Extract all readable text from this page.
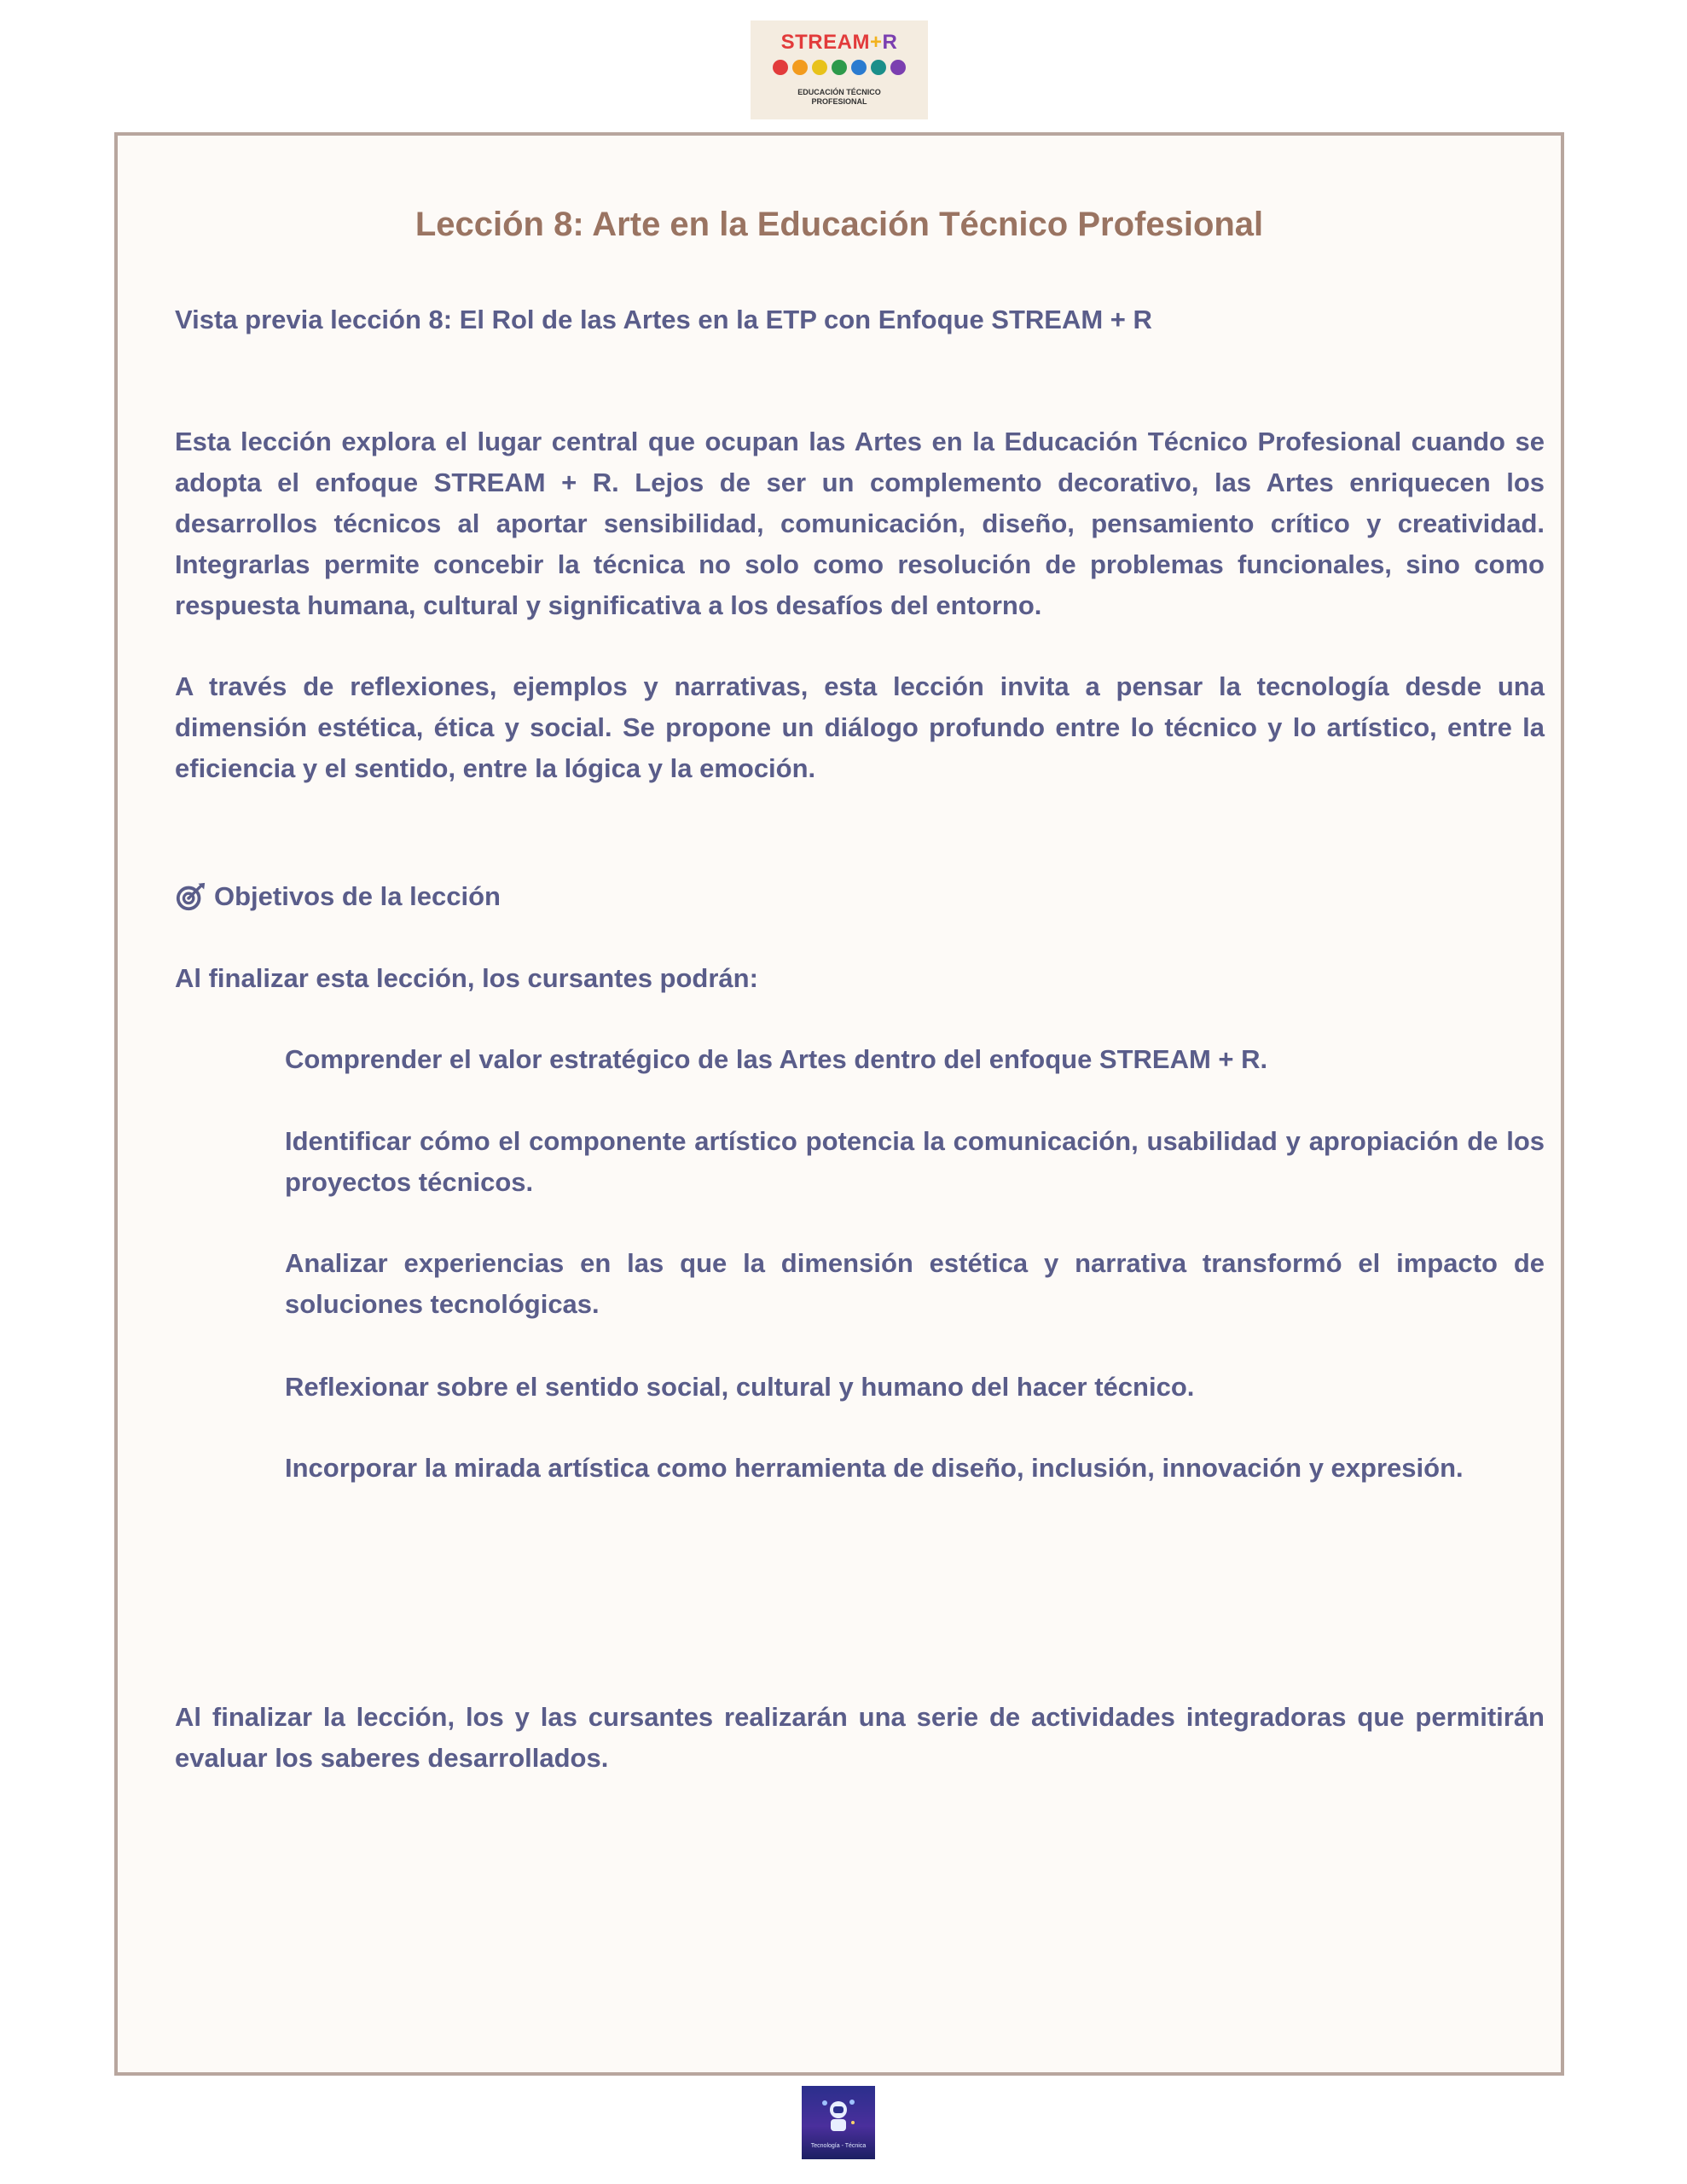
STREAM+R
EDUCACIÓN TÉCNICO
PROFESIONAL
Lección 8: Arte en la Educación Técnico Profesional
Vista previa lección 8: El Rol de las Artes en la ETP con Enfoque STREAM + R
Esta lección explora el lugar central que ocupan las Artes en la Educación Técnico Profesional cuando se adopta el enfoque STREAM + R. Lejos de ser un complemento decorativo, las Artes enriquecen los desarrollos técnicos al aportar sensibilidad, comunicación, diseño, pensamiento crítico y creatividad. Integrarlas permite concebir la técnica no solo como resolución de problemas funcionales, sino como respuesta humana, cultural y significativa a los desafíos del entorno.
A través de reflexiones, ejemplos y narrativas, esta lección invita a pensar la tecnología desde una dimensión estética, ética y social. Se propone un diálogo profundo entre lo técnico y lo artístico, entre la eficiencia y el sentido, entre la lógica y la emoción.
Objetivos de la lección
Al finalizar esta lección, los cursantes podrán:
Comprender el valor estratégico de las Artes dentro del enfoque STREAM + R.
Identificar cómo el componente artístico potencia la comunicación, usabilidad y apropiación de los proyectos técnicos.
Analizar experiencias en las que la dimensión estética y narrativa transformó el impacto de soluciones tecnológicas.
Reflexionar sobre el sentido social, cultural y humano del hacer técnico.
Incorporar la mirada artística como herramienta de diseño, inclusión, innovación y expresión.
Al finalizar la lección, los y las cursantes realizarán una serie de actividades integradoras que permitirán evaluar los saberes desarrollados.
Tecnología - Técnica
